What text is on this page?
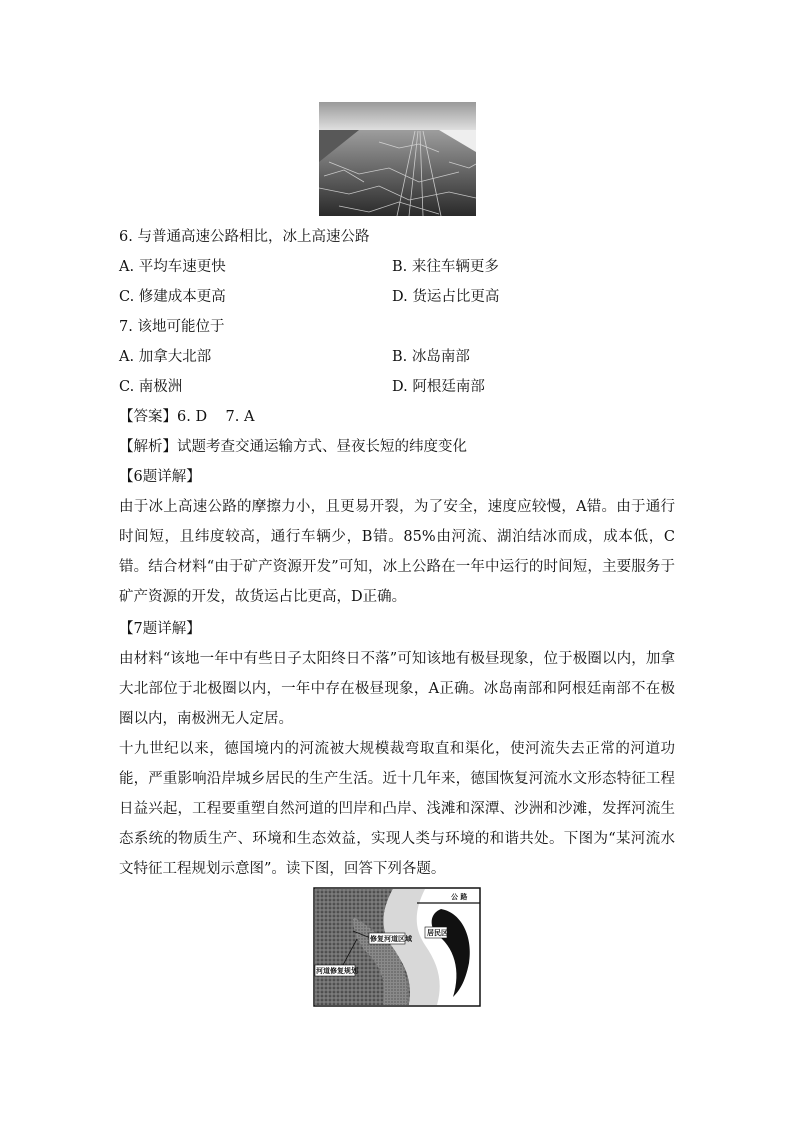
6. 与普通高速公路相比，冰上高速公路
A. 平均车速更快	B. 来往车辆更多
C. 修建成本更高	D. 货运占比更高
7. 该地可能位于
A. 加拿大北部	B. 冰岛南部
C. 南极洲	D. 阿根廷南部
【答案】6. D    7. A
【解析】试题考查交通运输方式、昼夜长短的纬度变化
【6题详解】
由于冰上高速公路的摩擦力小，且更易开裂，为了安全，速度应较慢，A错。由于通行时间短，且纬度较高，通行车辆少，B错。85%由河流、湖泊结冰而成，成本低，C错。结合材料“由于矿产资源开发”可知，冰上公路在一年中运行的时间短，主要服务于矿产资源的开发，故货运占比更高，D正确。
【7题详解】
由材料“该地一年中有些日子太阳终日不落”可知该地有极昼现象，位于极圈以内，加拿大北部位于北极圈以内，一年中存在极昼现象，A正确。冰岛南部和阿根廷南部不在极圈以内，南极洲无人定居。
十九世纪以来，德国境内的河流被大规模裁弯取直和渠化，使河流失去正常的河道功能，严重影响沿岸城乡居民的生产生活。近十几年来，德国恢复河流水文形态特征工程日益兴起，工程要重塑自然河道的凹岸和凸岸、浅滩和深潭、沙洲和沙滩，发挥河流生态系统的物质生产、环境和生态效益，实现人类与环境的和谐共处。下图为“某河流水文特征工程规划示意图”。读下图，回答下列各题。
公 路
居民区
修复河道区域
河道修复规划
